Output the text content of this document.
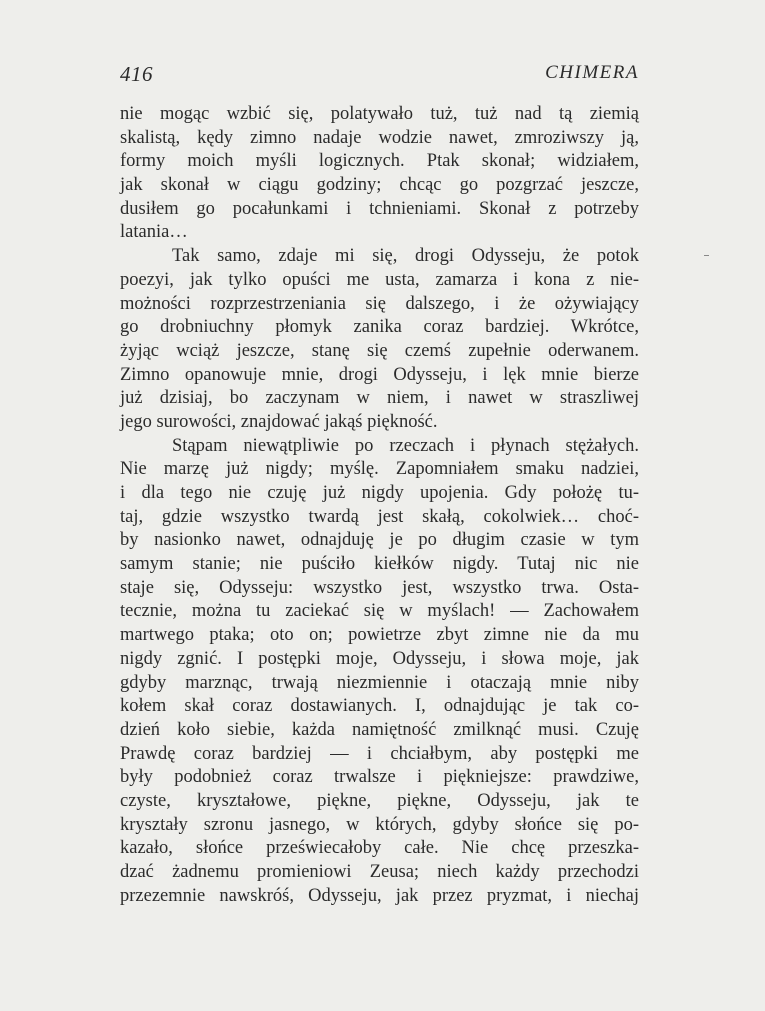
416	CHIMERA
nie mogąc wzbić się, polatywało tuż, tuż nad tą ziemią
skalistą, kędy zimno nadaje wodzie nawet, zmroziwszy ją,
formy moich myśli logicznych. Ptak skonał; widziałem,
jak skonał w ciągu godziny; chcąc go pozgrzać jeszcze,
dusiłem go pocałunkami i tchnieniami. Skonał z potrzeby
latania…
Tak samo, zdaje mi się, drogi Odysseju, że potok
poezyi, jak tylko opuści me usta, zamarza i kona z nie-
możności rozprzestrzeniania się dalszego, i że ożywiający
go drobniuchny płomyk zanika coraz bardziej. Wkrótce,
żyjąc wciąż jeszcze, stanę się czemś zupełnie oderwanem.
Zimno opanowuje mnie, drogi Odysseju, i lęk mnie bierze
już dzisiaj, bo zaczynam w niem, i nawet w straszliwej
jego surowości, znajdować jakąś piękność.
Stąpam niewątpliwie po rzeczach i płynach stężałych.
Nie marzę już nigdy; myślę. Zapomniałem smaku nadziei,
i dla tego nie czuję już nigdy upojenia. Gdy położę tu-
taj, gdzie wszystko twardą jest skałą, cokolwiek… choć-
by nasionko nawet, odnajduję je po długim czasie w tym
samym stanie; nie puściło kiełków nigdy. Tutaj nic nie
staje się, Odysseju: wszystko jest, wszystko trwa. Osta-
tecznie, można tu zaciekać się w myślach! — Zachowałem
martwego ptaka; oto on; powietrze zbyt zimne nie da mu
nigdy zgnić. I postępki moje, Odysseju, i słowa moje, jak
gdyby marznąc, trwają niezmiennie i otaczają mnie niby
kołem skał coraz dostawianych. I, odnajdując je tak co-
dzień koło siebie, każda namiętność zmilknąć musi. Czuję
Prawdę coraz bardziej — i chciałbym, aby postępki me
były podobnież coraz trwalsze i piękniejsze: prawdziwe,
czyste, kryształowe, piękne, piękne, Odysseju, jak te
kryształy szronu jasnego, w których, gdyby słońce się po-
kazało, słońce przeświecałoby całe. Nie chcę przeszka-
dzać żadnemu promieniowi Zeusa; niech każdy przechodzi
przezemnie nawskróś, Odysseju, jak przez pryzmat, i niechaj
